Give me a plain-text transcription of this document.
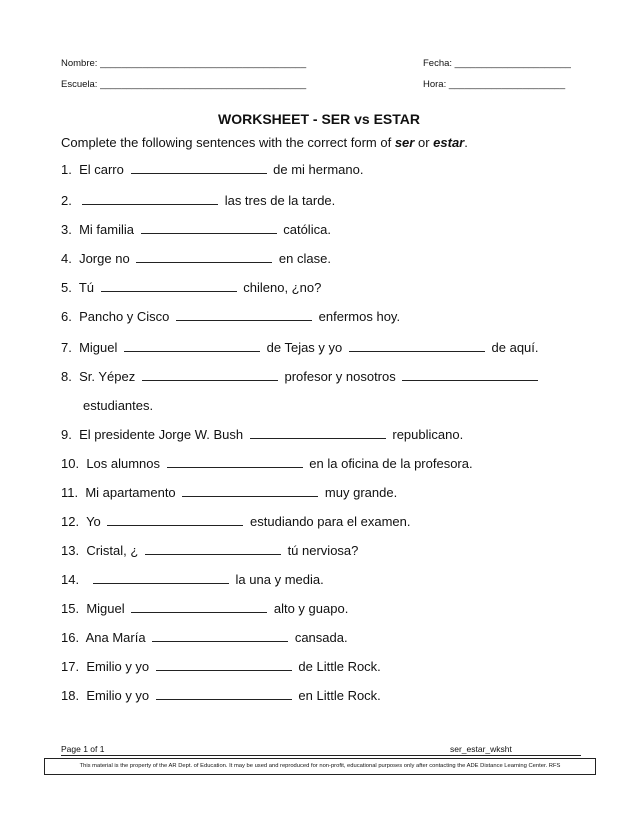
Nombre: _______________________________________
Escuela: _______________________________________
Fecha: ______________________
Hora: ______________________
WORKSHEET - SER vs ESTAR
Complete the following sentences with the correct form of ser or estar.
1. El carro	de mi hermano.
2.	las tres de la tarde.
3. Mi familia	católica.
4. Jorge no	en clase.
5. Tú	chileno, ¿no?
6. Pancho y Cisco	enfermos hoy.
7. Miguel	de Tejas y yo	de aquí.
8. Sr. Yépez	profesor y nosotros
estudiantes.
9. El presidente Jorge W. Bush	republicano.
10. Los alumnos	en la oficina de la profesora.
11. Mi apartamento	muy grande.
12. Yo	estudiando para el examen.
13. Cristal, ¿	tú nerviosa?
14.	la una y media.
15. Miguel	alto y guapo.
16. Ana María	cansada.
17. Emilio y yo	de Little Rock.
18. Emilio y yo	en Little Rock.
Page 1 of 1	ser_estar_wksht
This material is the property of the AR Dept. of Education. It may be used and reproduced for non-profit, educational purposes only after contacting the ADE Distance Learning Center. RFS
